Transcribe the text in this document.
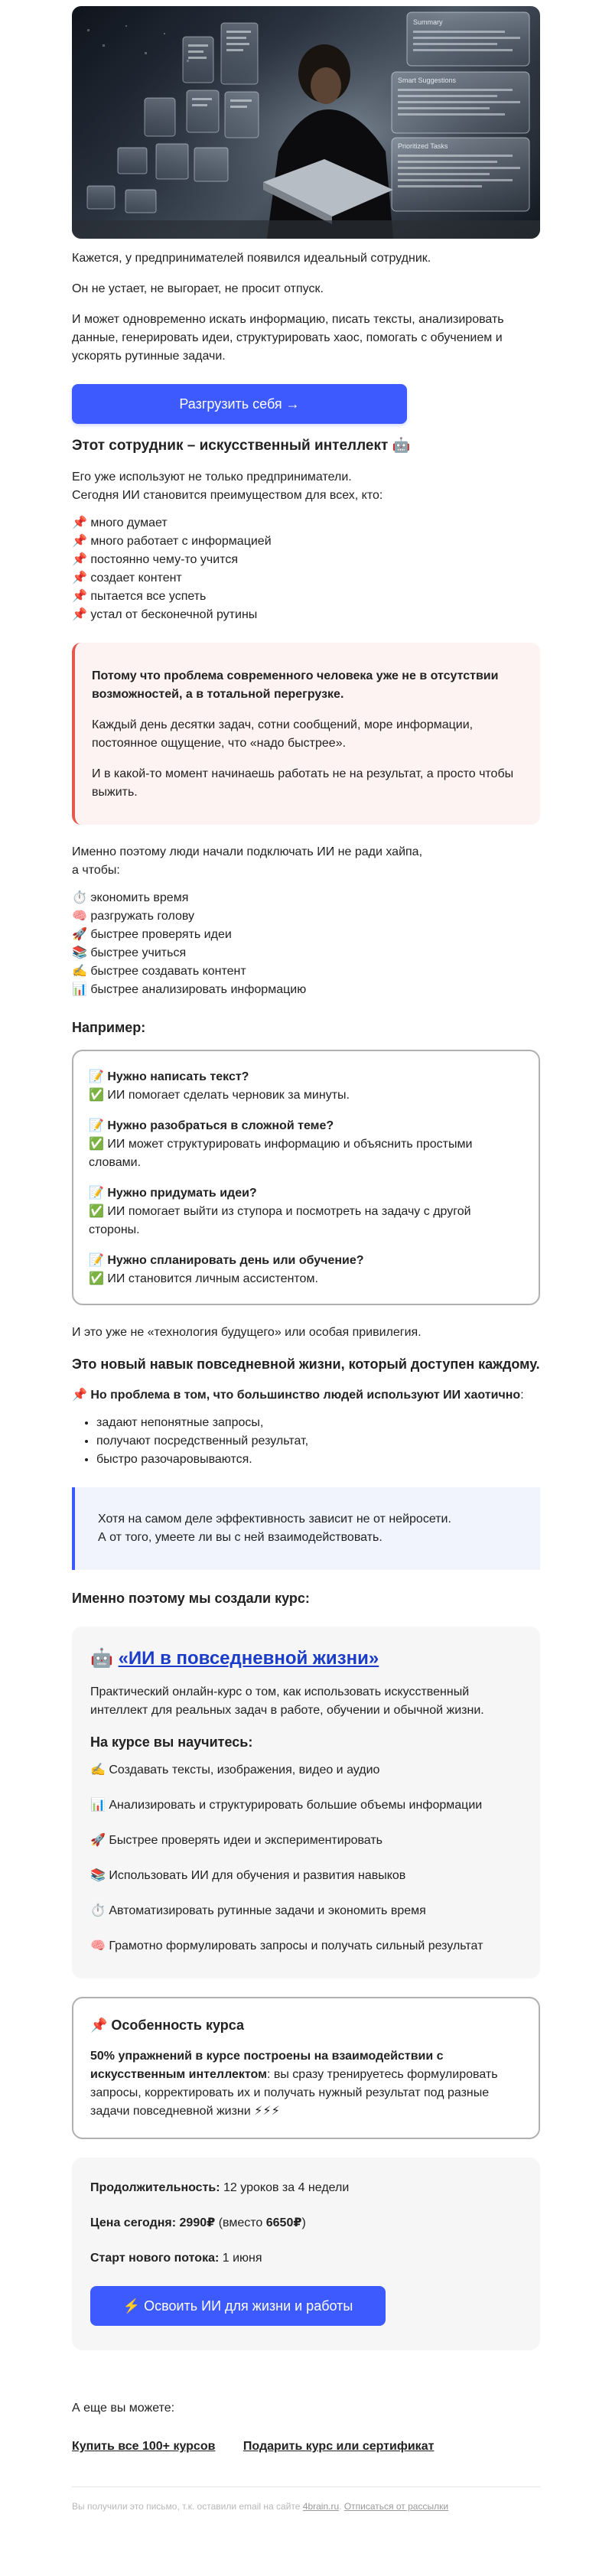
Summary
Smart Suggestions
Prioritized Tasks

Кажется, у предпринимателей появился идеальный сотрудник.

Он не устает, не выгорает, не просит отпуск.

И может одновременно искать информацию, писать тексты, анализировать данные, генерировать идеи, структурировать хаос, помогать с обучением и ускорять рутинные задачи.

Разгрузить себя →
Этот сотрудник – искусственный интеллект 🤖

Его уже используют не только предприниматели.
Сегодня ИИ становится преимуществом для всех, кто:

📌 много думает
📌 много работает с информацией
📌 постоянно чему-то учится
📌 создает контент
📌 пытается все успеть
📌 устал от бесконечной рутины

Потому что проблема современного человека уже не в отсутствии возможностей, а в тотальной перегрузке.

Каждый день десятки задач, сотни сообщений, море информации, постоянное ощущение, что «надо быстрее».

И в какой-то момент начинаешь работать не на результат, а просто чтобы выжить.

Именно поэтому люди начали подключать ИИ не ради хайпа,
а чтобы:

⏱️ экономить время
🧠 разгружать голову
🚀 быстрее проверять идеи
📚 быстрее учиться
✍️ быстрее создавать контент
📊 быстрее анализировать информацию
Например:
📝 Нужно написать текст?
✅ ИИ помогает сделать черновик за минуты.
📝 Нужно разобраться в сложной теме?
✅ ИИ может структурировать информацию и объяснить простыми словами.
📝 Нужно придумать идеи?
✅ ИИ помогает выйти из ступора и посмотреть на задачу с другой стороны.
📝 Нужно спланировать день или обучение?
✅ ИИ становится личным ассистентом.

И это уже не «технология будущего» или особая привилегия.

Это новый навык повседневной жизни, который доступен каждому.

📌 Но проблема в том, что большинство людей используют ИИ хаотично:

• задают непонятные запросы,
• получают посредственный результат,
• быстро разочаровываются.
Хотя на самом деле эффективность зависит не от нейросети.
А от того, умеете ли вы с ней взаимодействовать.
Именно поэтому мы создали курс:
🤖 «ИИ в повседневной жизни»

Практический онлайн-курс о том, как использовать искусственный интеллект для реальных задач в работе, обучении и обычной жизни.

На курсе вы научитесь:

✍️ Создавать тексты, изображения, видео и аудио

📊 Анализировать и структурировать большие объемы информации

🚀 Быстрее проверять идеи и экспериментировать

📚 Использовать ИИ для обучения и развития навыков

⏱️ Автоматизировать рутинные задачи и экономить время

🧠 Грамотно формулировать запросы и получать сильный результат

📌 Особенность курса

50% упражнений в курсе построены на взаимодействии с искусственным интеллектом: вы сразу тренируетесь формулировать запросы, корректировать их и получать нужный результат под разные задачи повседневной жизни ⚡⚡⚡

Продолжительность: 12 уроков за 4 недели

Цена сегодня: 2990₽ (вместо 6650₽)

Старт нового потока: 1 июня

⚡ Освоить ИИ для жизни и работы

А еще вы можете:

Купить все 100+ курсов Подарить курс или сертификат

Вы получили это письмо, т.к. оставили email на сайте 4brain.ru. Отписаться от рассылки
